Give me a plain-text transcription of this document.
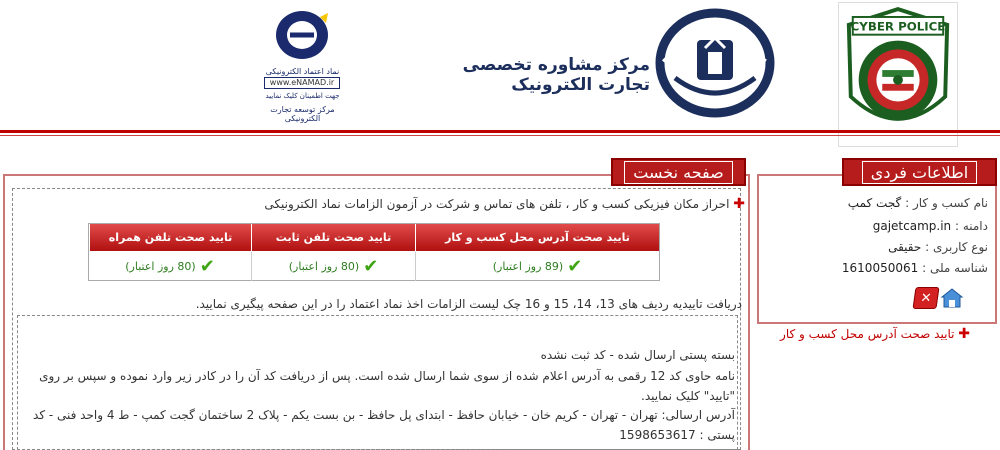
CYBER POLICE
مرکز مشاوره تخصصی تجارت الکترونیک
نماد اعتماد الکترونیکی
www.eNAMAD.ir
جهت اطمینان کلیک نمایید
مرکز توسعه تجارت الکترونیکی
اطلاعات فردی
نام کسب و کار : گجت کمپ
دامنه : gajetcamp.in
نوع کاربری : حقیقی
شناسه ملی : 1610050061
✕
صفحه نخست
✚ احراز مکان فیزیکی کسب و کار ، تلفن های تماس و شرکت در آزمون الزامات نماد الکترونیکی
تایید صحت آدرس محل کسب و کار
تایید صحت تلفن ثابت
تایید صحت تلفن همراه
✔
(89 روز اعتبار)
✔
(80 روز اعتبار)
✔
(80 روز اعتبار)
دریافت تاییدیه ردیف های 13، 14، 15 و 16 چک لیست الزامات اخذ نماد اعتماد را در این صفحه پیگیری نمایید.
✚ تایید صحت آدرس محل کسب و کار
بسته پستی ارسال شده - کد ثبت نشده
نامه حاوی کد 12 رقمی به آدرس اعلام شده از سوی شما ارسال شده است. پس از دریافت کد آن را در کادر زیر وارد نموده و سپس بر روی
"تایید" کلیک نمایید.
آدرس ارسالی: تهران - تهران - کریم خان - خیابان حافظ - ابتدای پل حافظ - بن بست یکم - پلاک 2 ساختمان گجت کمپ - ط 4 واحد فنی - کد
پستی : 1598653617
